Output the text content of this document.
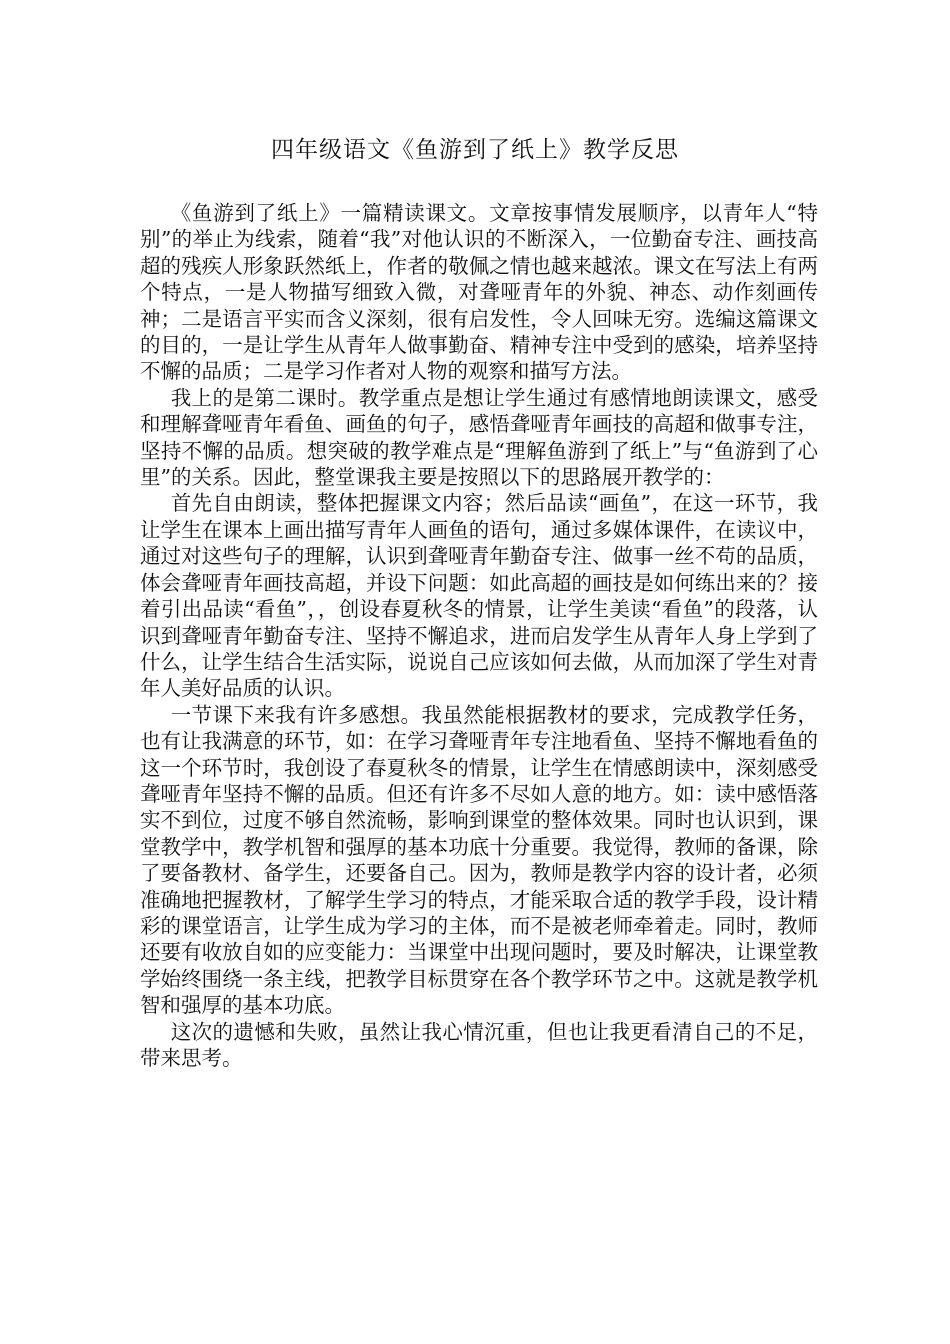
四年级语文《鱼游到了纸上》教学反思

《鱼游到了纸上》一篇精读课文。文章按事情发展顺序，以青年人“特别”的举止为线索，随着“我”对他认识的不断深入，一位勤奋专注、画技高超的残疾人形象跃然纸上，作者的敬佩之情也越来越浓。课文在写法上有两个特点，一是人物描写细致入微，对聋哑青年的外貌、神态、动作刻画传神；二是语言平实而含义深刻，很有启发性，令人回味无穷。选编这篇课文的目的，一是让学生从青年人做事勤奋、精神专注中受到的感染，培养坚持不懈的品质；二是学习作者对人物的观察和描写方法。

我上的是第二课时。教学重点是想让学生通过有感情地朗读课文，感受和理解聋哑青年看鱼、画鱼的句子，感悟聋哑青年画技的高超和做事专注，坚持不懈的品质。想突破的教学难点是“理解鱼游到了纸上”与“鱼游到了心里”的关系。因此，整堂课我主要是按照以下的思路展开教学的：

首先自由朗读，整体把握课文内容；然后品读“画鱼”，在这一环节，我让学生在课本上画出描写青年人画鱼的语句，通过多媒体课件，在读议中，通过对这些句子的理解，认识到聋哑青年勤奋专注、做事一丝不苟的品质，体会聋哑青年画技高超，并设下问题：如此高超的画技是如何练出来的？接着引出品读“看鱼”，，创设春夏秋冬的情景，让学生美读“看鱼”的段落，认识到聋哑青年勤奋专注、坚持不懈追求，进而启发学生从青年人身上学到了什么，让学生结合生活实际，说说自己应该如何去做，从而加深了学生对青年人美好品质的认识。

一节课下来我有许多感想。我虽然能根据教材的要求，完成教学任务，也有让我满意的环节，如：在学习聋哑青年专注地看鱼、坚持不懈地看鱼的这一个环节时，我创设了春夏秋冬的情景，让学生在情感朗读中，深刻感受聋哑青年坚持不懈的品质。但还有许多不尽如人意的地方。如：读中感悟落实不到位，过度不够自然流畅，影响到课堂的整体效果。同时也认识到，课堂教学中，教学机智和强厚的基本功底十分重要。我觉得，教师的备课，除了要备教材、备学生，还要备自己。因为，教师是教学内容的设计者，必须准确地把握教材，了解学生学习的特点，才能采取合适的教学手段，设计精彩的课堂语言，让学生成为学习的主体，而不是被老师牵着走。同时，教师还要有收放自如的应变能力：当课堂中出现问题时，要及时解决，让课堂教学始终围绕一条主线，把教学目标贯穿在各个教学环节之中。这就是教学机智和强厚的基本功底。

这次的遗憾和失败，虽然让我心情沉重，但也让我更看清自己的不足，带来思考。
